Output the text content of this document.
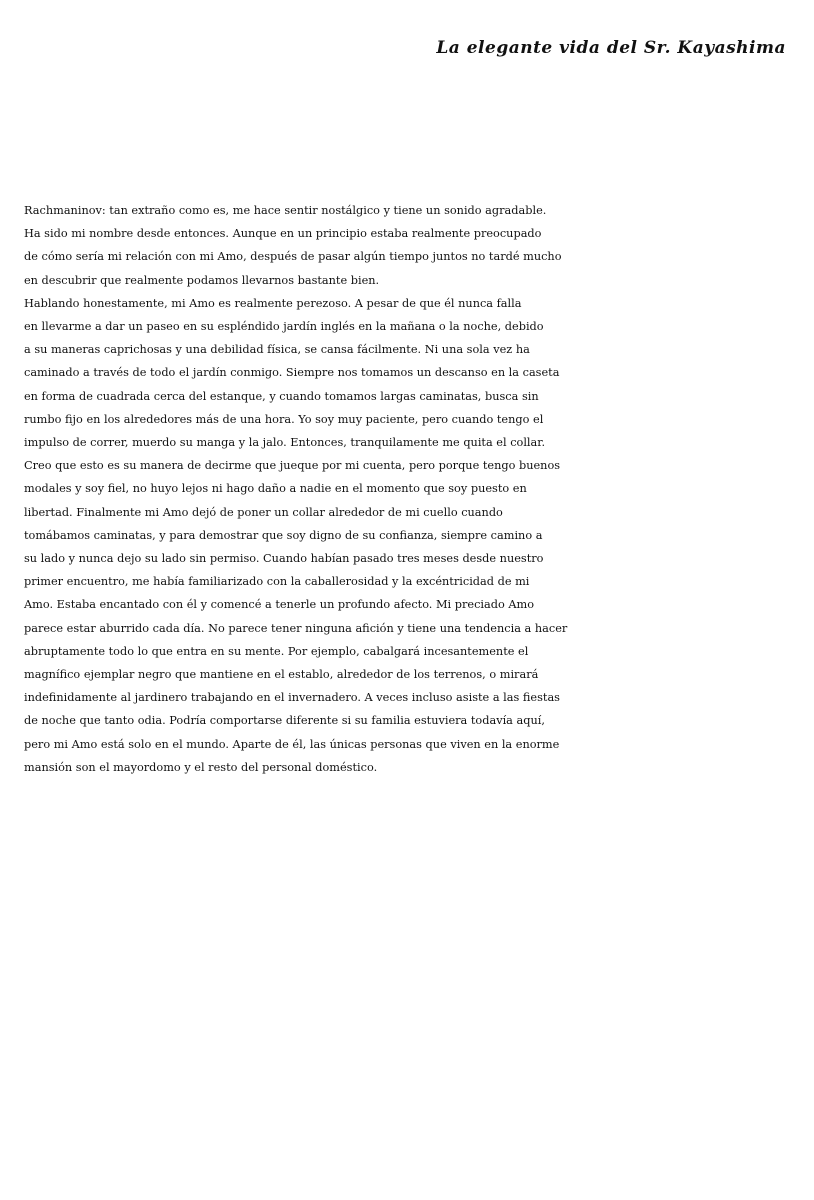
La elegante vida del Sr. Kayashima
Rachmaninov: tan extraño como es, me hace sentir nostálgico y tiene un sonido agradable.
Ha sido mi nombre desde entonces. Aunque en un principio estaba realmente preocupado
de cómo sería mi relación con mi Amo, después de pasar algún tiempo juntos no tardé mucho
en descubrir que realmente podamos llevarnos bastante bien.
Hablando honestamente, mi Amo es realmente perezoso. A pesar de que él nunca falla
en llevarme a dar un paseo en su espléndido jardín inglés en la mañana o la noche, debido
a su maneras caprichosas y una debilidad física, se cansa fácilmente. Ni una sola vez ha
caminado a través de todo el jardín conmigo. Siempre nos tomamos un descanso en la caseta
en forma de cuadrada cerca del estanque, y cuando tomamos largas caminatas, busca sin
rumbo fijo en los alrededores más de una hora. Yo soy muy paciente, pero cuando tengo el
impulso de correr, muerdo su manga y la jalo. Entonces, tranquilamente me quita el collar.
Creo que esto es su manera de decirme que jueque por mi cuenta, pero porque tengo buenos
modales y soy fiel, no huyo lejos ni hago daño a nadie en el momento que soy puesto en
libertad. Finalmente mi Amo dejó de poner un collar alrededor de mi cuello cuando
tomábamos caminatas, y para demostrar que soy digno de su confianza, siempre camino a
su lado y nunca dejo su lado sin permiso. Cuando habían pasado tres meses desde nuestro
primer encuentro, me había familiarizado con la caballerosidad y la excéntricidad de mi
Amo. Estaba encantado con él y comencé a tenerle un profundo afecto. Mi preciado Amo
parece estar aburrido cada día. No parece tener ninguna afición y tiene una tendencia a hacer
abruptamente todo lo que entra en su mente. Por ejemplo, cabalgará incesantemente el
magnífico ejemplar negro que mantiene en el establo, alrededor de los terrenos, o mirará
indefinidamente al jardinero trabajando en el invernadero. A veces incluso asiste a las fiestas
de noche que tanto odia. Podría comportarse diferente si su familia estuviera todavía aquí,
pero mi Amo está solo en el mundo. Aparte de él, las únicas personas que viven en la enorme
mansión son el mayordomo y el resto del personal doméstico.
